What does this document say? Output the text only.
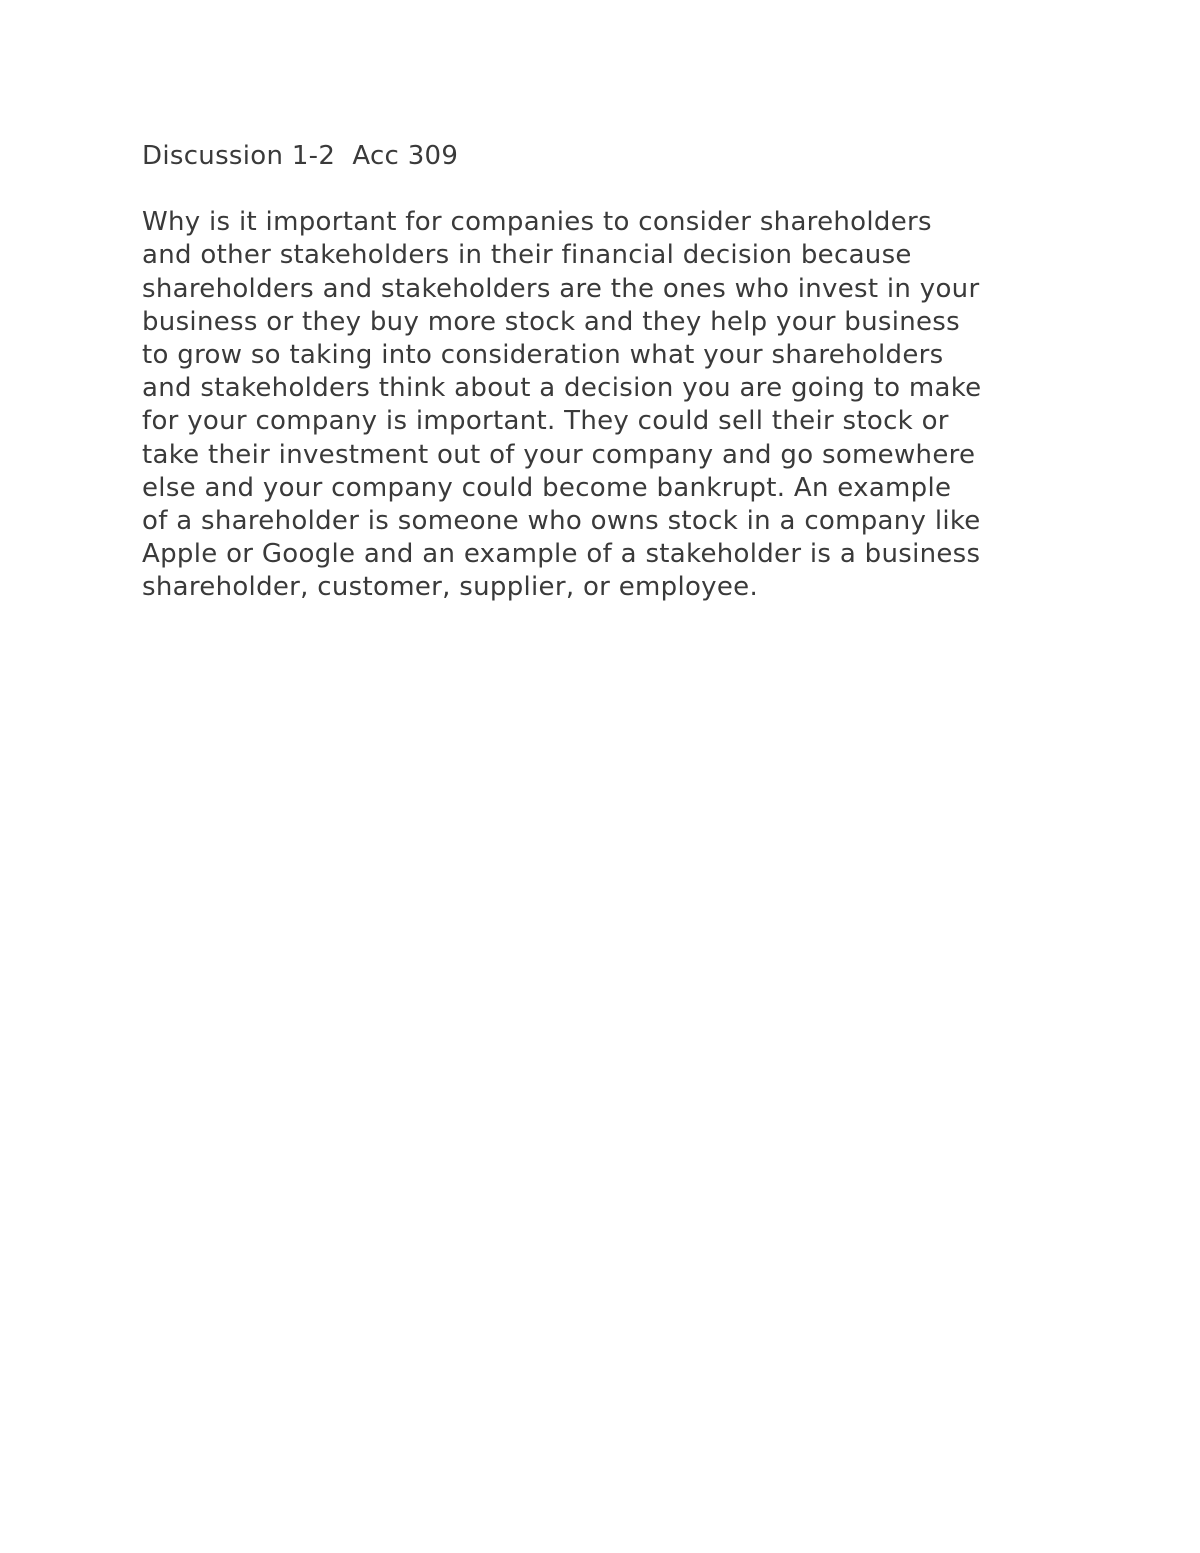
Discussion 1-2  Acc 309
Why is it important for companies to consider shareholders
and other stakeholders in their financial decision because
shareholders and stakeholders are the ones who invest in your
business or they buy more stock and they help your business
to grow so taking into consideration what your shareholders
and stakeholders think about a decision you are going to make
for your company is important. They could sell their stock or
take their investment out of your company and go somewhere
else and your company could become bankrupt. An example
of a shareholder is someone who owns stock in a company like
Apple or Google and an example of a stakeholder is a business
shareholder, customer, supplier, or employee.
